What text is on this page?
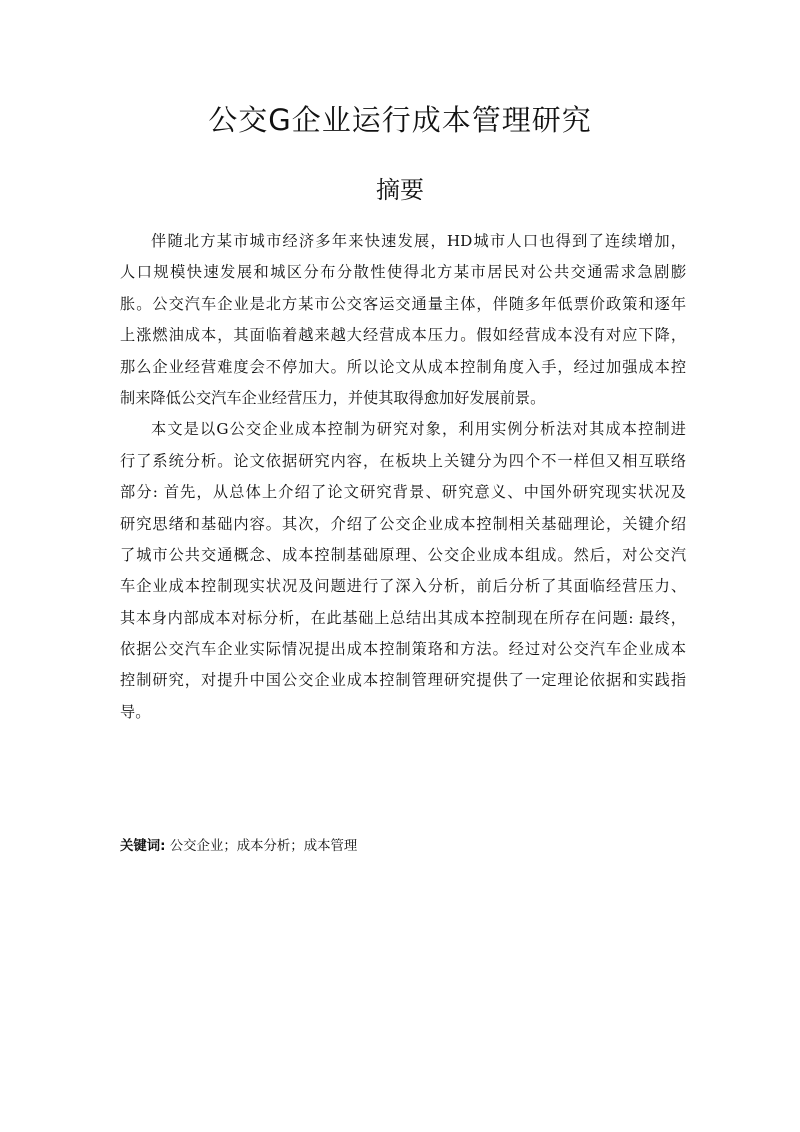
公交G企业运行成本管理研究
摘要
伴随北方某市城市经济多年来快速发展，HD城市人口也得到了连续增加，
人口规模快速发展和城区分布分散性使得北方某市居民对公共交通需求急剧膨
胀。公交汽车企业是北方某市公交客运交通量主体，伴随多年低票价政策和逐年
上涨燃油成本，其面临着越来越大经营成本压力。假如经营成本没有对应下降，
那么企业经营难度会不停加大。所以论文从成本控制角度入手，经过加强成本控
制来降低公交汽车企业经营压力，并使其取得愈加好发展前景。
本文是以G公交企业成本控制为研究对象，利用实例分析法对其成本控制进
行了系统分析。论文依据研究内容，在板块上关键分为四个不一样但又相互联络
部分: 首先，从总体上介绍了论文研究背景、研究意义、中国外研究现实状况及
研究思绪和基础内容。其次，介绍了公交企业成本控制相关基础理论，关键介绍
了城市公共交通概念、成本控制基础原理、公交企业成本组成。然后，对公交汽
车企业成本控制现实状况及问题进行了深入分析，前后分析了其面临经营压力、
其本身内部成本对标分析，在此基础上总结出其成本控制现在所存在问题: 最终，
依据公交汽车企业实际情况提出成本控制策珞和方法。经过对公交汽车企业成本
控制研究，对提升中国公交企业成本控制管理研究提供了一定理论依据和实践指
导。
关键词: 公交企业；成本分析；成本管理
